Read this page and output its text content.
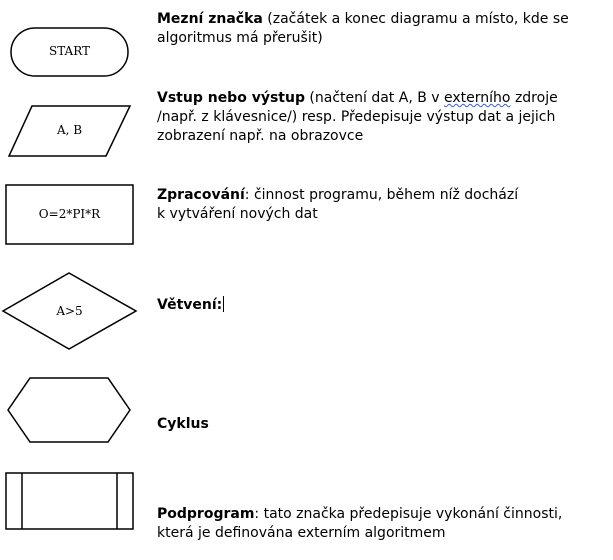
START
A, B
O=2*PI*R
A>5

Mezní značka (začátek a konec diagramu a místo, kde se algoritmus má přerušit)

Vstup nebo výstup (načtení dat A, B v externího zdroje /např. z klávesnice/) resp. Předepisuje výstup dat a jejich zobrazení např. na obrazovce

Zpracování: činnost programu, během níž dochází
k vytváření nových dat

Větvení:

Cyklus

Podprogram: tato značka předepisuje vykonání činnosti, která je definována externím algoritmem
